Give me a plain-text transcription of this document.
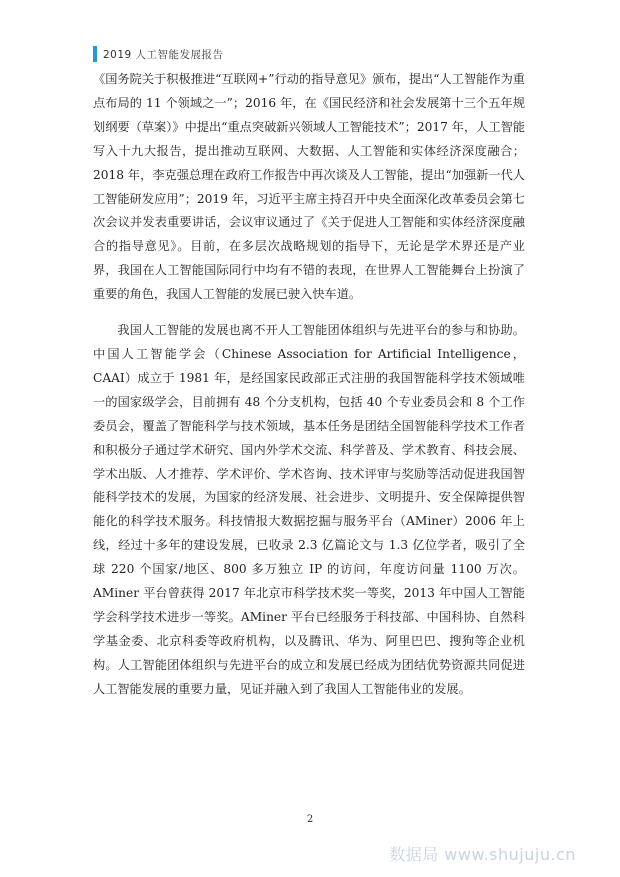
2019 人工智能发展报告

《国务院关于积极推进“互联网+”行动的指导意见》颁布，提出“人工智能作为重点布局的 11 个领域之一”；2016 年，在《国民经济和社会发展第十三个五年规划纲要（草案）》中提出“重点突破新兴领域人工智能技术”；2017 年，人工智能写入十九大报告，提出推动互联网、大数据、人工智能和实体经济深度融合；2018 年，李克强总理在政府工作报告中再次谈及人工智能，提出“加强新一代人工智能研发应用”；2019 年，习近平主席主持召开中央全面深化改革委员会第七次会议并发表重要讲话，会议审议通过了《关于促进人工智能和实体经济深度融合的指导意见》。目前，在多层次战略规划的指导下，无论是学术界还是产业界，我国在人工智能国际同行中均有不错的表现，在世界人工智能舞台上扮演了重要的角色，我国人工智能的发展已驶入快车道。

我国人工智能的发展也离不开人工智能团体组织与先进平台的参与和协助。中国人工智能学会（Chinese Association for Artificial Intelligence，CAAI）成立于 1981 年，是经国家民政部正式注册的我国智能科学技术领域唯一的国家级学会，目前拥有 48 个分支机构，包括 40 个专业委员会和 8 个工作委员会，覆盖了智能科学与技术领域，基本任务是团结全国智能科学技术工作者和积极分子通过学术研究、国内外学术交流、科学普及、学术教育、科技会展、学术出版、人才推荐、学术评价、学术咨询、技术评审与奖励等活动促进我国智能科学技术的发展，为国家的经济发展、社会进步、文明提升、安全保障提供智能化的科学技术服务。科技情报大数据挖掘与服务平台（AMiner）2006 年上线，经过十多年的建设发展，已收录 2.3 亿篇论文与 1.3 亿位学者，吸引了全球 220 个国家/地区、800 多万独立 IP 的访问，年度访问量 1100 万次。AMiner 平台曾获得 2017 年北京市科学技术奖一等奖，2013 年中国人工智能学会科学技术进步一等奖。AMiner 平台已经服务于科技部、中国科协、自然科学基金委、北京科委等政府机构，以及腾讯、华为、阿里巴巴、搜狗等企业机构。人工智能团体组织与先进平台的成立和发展已经成为团结优势资源共同促进人工智能发展的重要力量，见证并融入到了我国人工智能伟业的发展。

2
数据局 www.shujuju.cn
